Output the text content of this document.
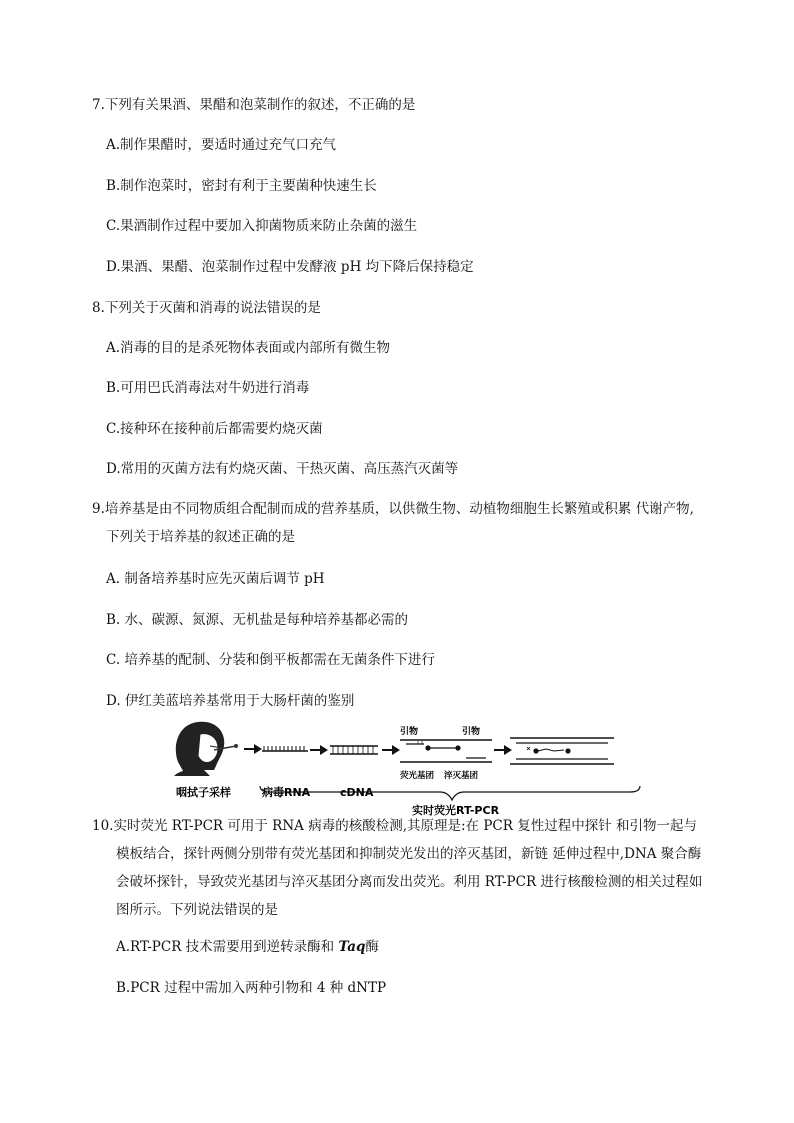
7.下列有关果酒、果醋和泡菜制作的叙述，不正确的是
A.制作果醋时，要适时通过充气口充气
B.制作泡菜时，密封有利于主要菌种快速生长
C.果酒制作过程中要加入抑菌物质来防止杂菌的滋生
D.果酒、果醋、泡菜制作过程中发酵液 pH 均下降后保持稳定
8.下列关于灭菌和消毒的说法错误的是
A.消毒的目的是杀死物体表面或内部所有微生物
B.可用巴氏消毒法对牛奶进行消毒
C.接种环在接种前后都需要灼烧灭菌
D.常用的灭菌方法有灼烧灭菌、干热灭菌、高压蒸汽灭菌等
9.培养基是由不同物质组合配制而成的营养基质，以供微生物、动植物细胞生长繁殖或积累 代谢产物,下列关于培养基的叙述正确的是
A. 制备培养基时应先灭菌后调节 pH
B. 水、碳源、氮源、无机盐是每种培养基都必需的
C. 培养基的配制、分装和倒平板都需在无菌条件下进行
D. 伊红美蓝培养基常用于大肠杆菌的鉴别
咽拭子采样	病毒RNA	cDNA
引物	引物
荧光基团 淬灭基团
实时荧光RT-PCR
10.实时荧光 RT-PCR 可用于 RNA 病毒的核酸检测,其原理是:在 PCR 复性过程中探针 和引物一起与模板结合，探针两侧分别带有荧光基团和抑制荧光发出的淬灭基团，新链 延伸过程中,DNA 聚合酶会破坏探针，导致荧光基团与淬灭基团分离而发出荧光。利用 RT-PCR 进行核酸检测的相关过程如图所示。下列说法错误的是
A.RT-PCR 技术需要用到逆转录酶和 Taq酶
B.PCR 过程中需加入两种引物和 4 种 dNTP
